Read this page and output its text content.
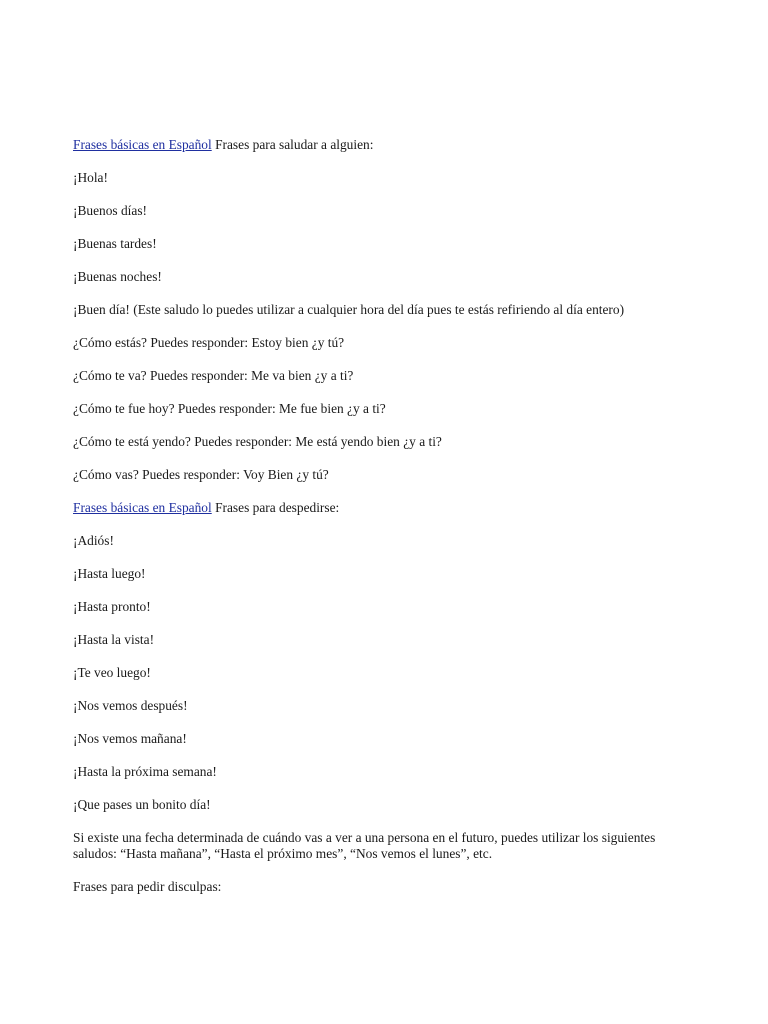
Frases básicas en Español Frases para saludar a alguien:

¡Hola!

¡Buenos días!

¡Buenas tardes!

¡Buenas noches!

¡Buen día! (Este saludo lo puedes utilizar a cualquier hora del día pues te estás refiriendo al día entero)

¿Cómo estás? Puedes responder: Estoy bien ¿y tú?

¿Cómo te va? Puedes responder: Me va bien ¿y a ti?

¿Cómo te fue hoy? Puedes responder: Me fue bien ¿y a ti?

¿Cómo te está yendo? Puedes responder: Me está yendo bien ¿y a ti?

¿Cómo vas? Puedes responder: Voy Bien ¿y tú?

Frases básicas en Español Frases para despedirse:

¡Adiós!

¡Hasta luego!

¡Hasta pronto!

¡Hasta la vista!

¡Te veo luego!

¡Nos vemos después!

¡Nos vemos mañana!

¡Hasta la próxima semana!

¡Que pases un bonito día!

Si existe una fecha determinada de cuándo vas a ver a una persona en el futuro, puedes utilizar los siguientes saludos: “Hasta mañana”, “Hasta el próximo mes”, “Nos vemos el lunes”, etc.

Frases para pedir disculpas:
